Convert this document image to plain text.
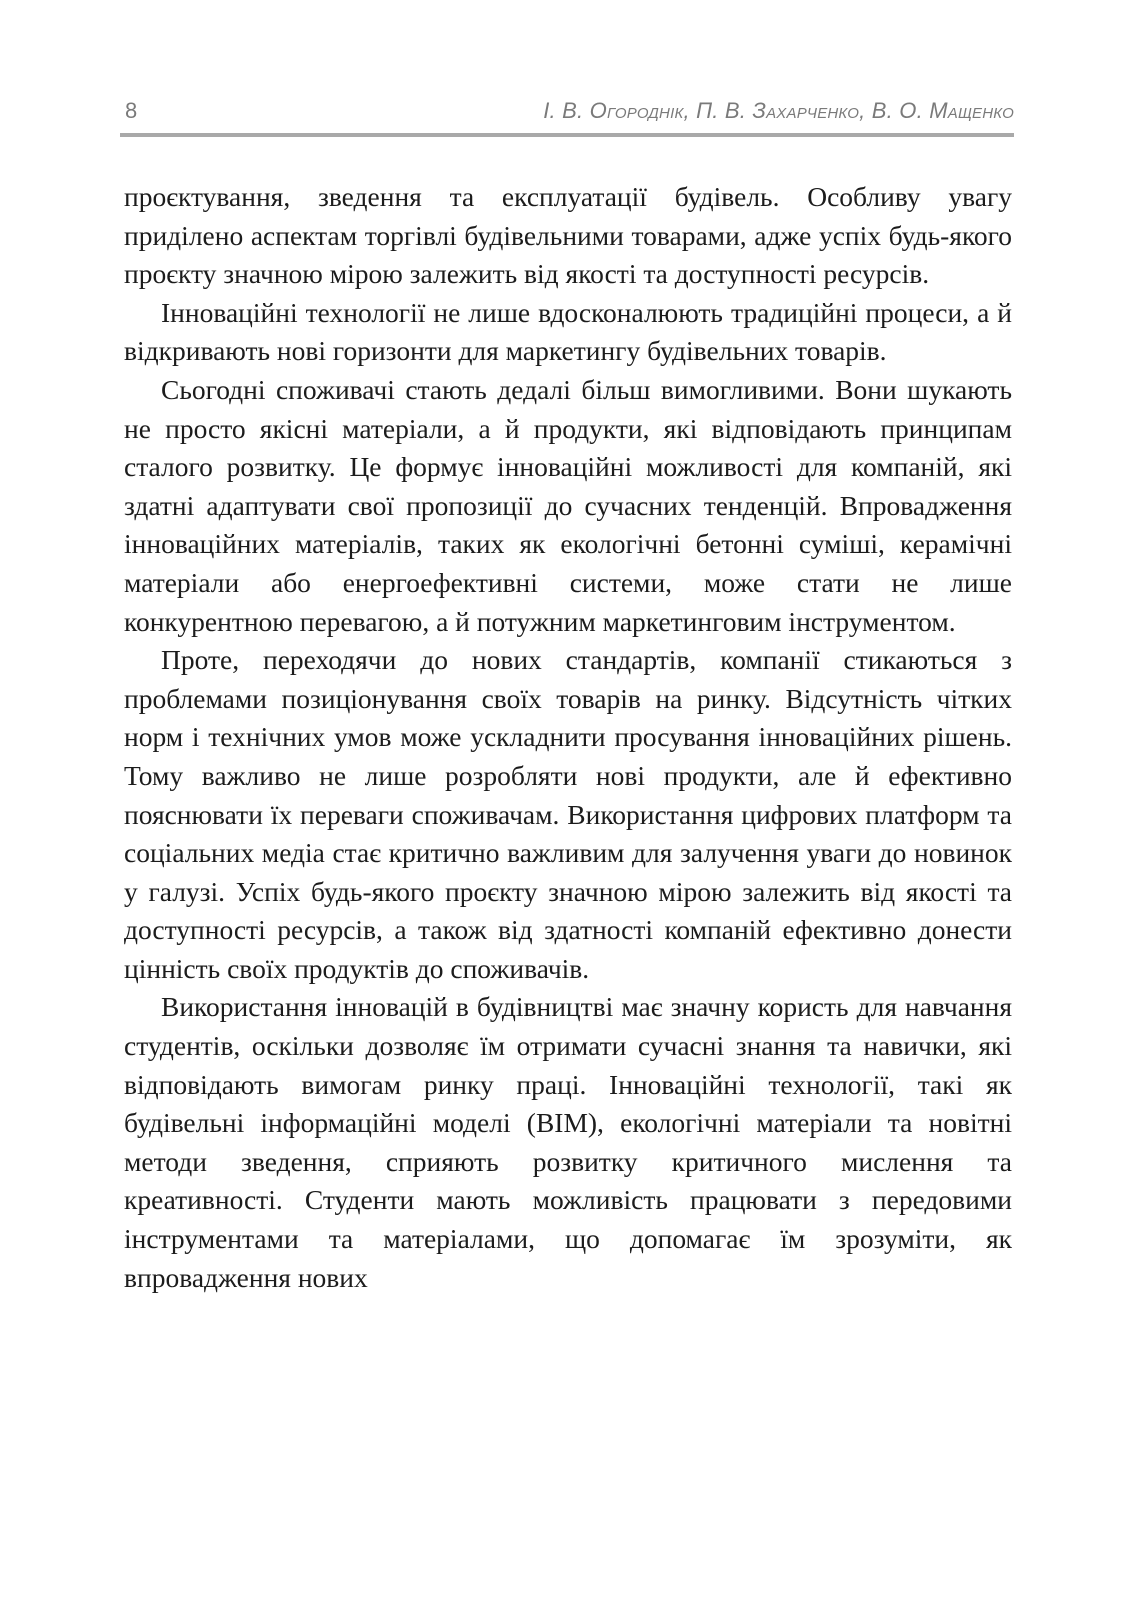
8	І. В. Огороднік, П. В. Захарченко, В. О. Мащенко

проєктування, зведення та експлуатації будівель. Особливу увагу приділено аспектам торгівлі будівельними товарами, адже успіх будь-якого проєкту значною мірою залежить від якості та доступності ресурсів.

Інноваційні технології не лише вдосконалюють традиційні процеси, а й відкривають нові горизонти для маркетингу будівельних товарів.

Сьогодні споживачі стають дедалі більш вимогливими. Вони шукають не просто якісні матеріали, а й продукти, які відповідають принципам сталого розвитку. Це формує інноваційні можливості для компаній, які здатні адаптувати свої пропозиції до сучасних тенденцій. Впровадження інноваційних матеріалів, таких як екологічні бетонні суміші, керамічні матеріали або енергоефективні системи, може стати не лише конкурентною перевагою, а й потужним маркетинговим інструментом.

Проте, переходячи до нових стандартів, компанії стикаються з проблемами позиціонування своїх товарів на ринку. Відсутність чітких норм і технічних умов може ускладнити просування інноваційних рішень. Тому важливо не лише розробляти нові продукти, але й ефективно пояснювати їх переваги споживачам. Використання цифрових платформ та соціальних медіа стає критично важливим для залучення уваги до новинок у галузі. Успіх будь-якого проєкту значною мірою залежить від якості та доступності ресурсів, а також від здатності компаній ефективно донести цінність своїх продуктів до споживачів.

Використання інновацій в будівництві має значну користь для навчання студентів, оскільки дозволяє їм отримати сучасні знання та навички, які відповідають вимогам ринку праці. Інноваційні технології, такі як будівельні інформаційні моделі (BIM), екологічні матеріали та новітні методи зведення, сприяють розвитку критичного мислення та креативності. Студенти мають можливість працювати з передовими інструментами та матеріалами, що допомагає їм зрозуміти, як впровадження нових
